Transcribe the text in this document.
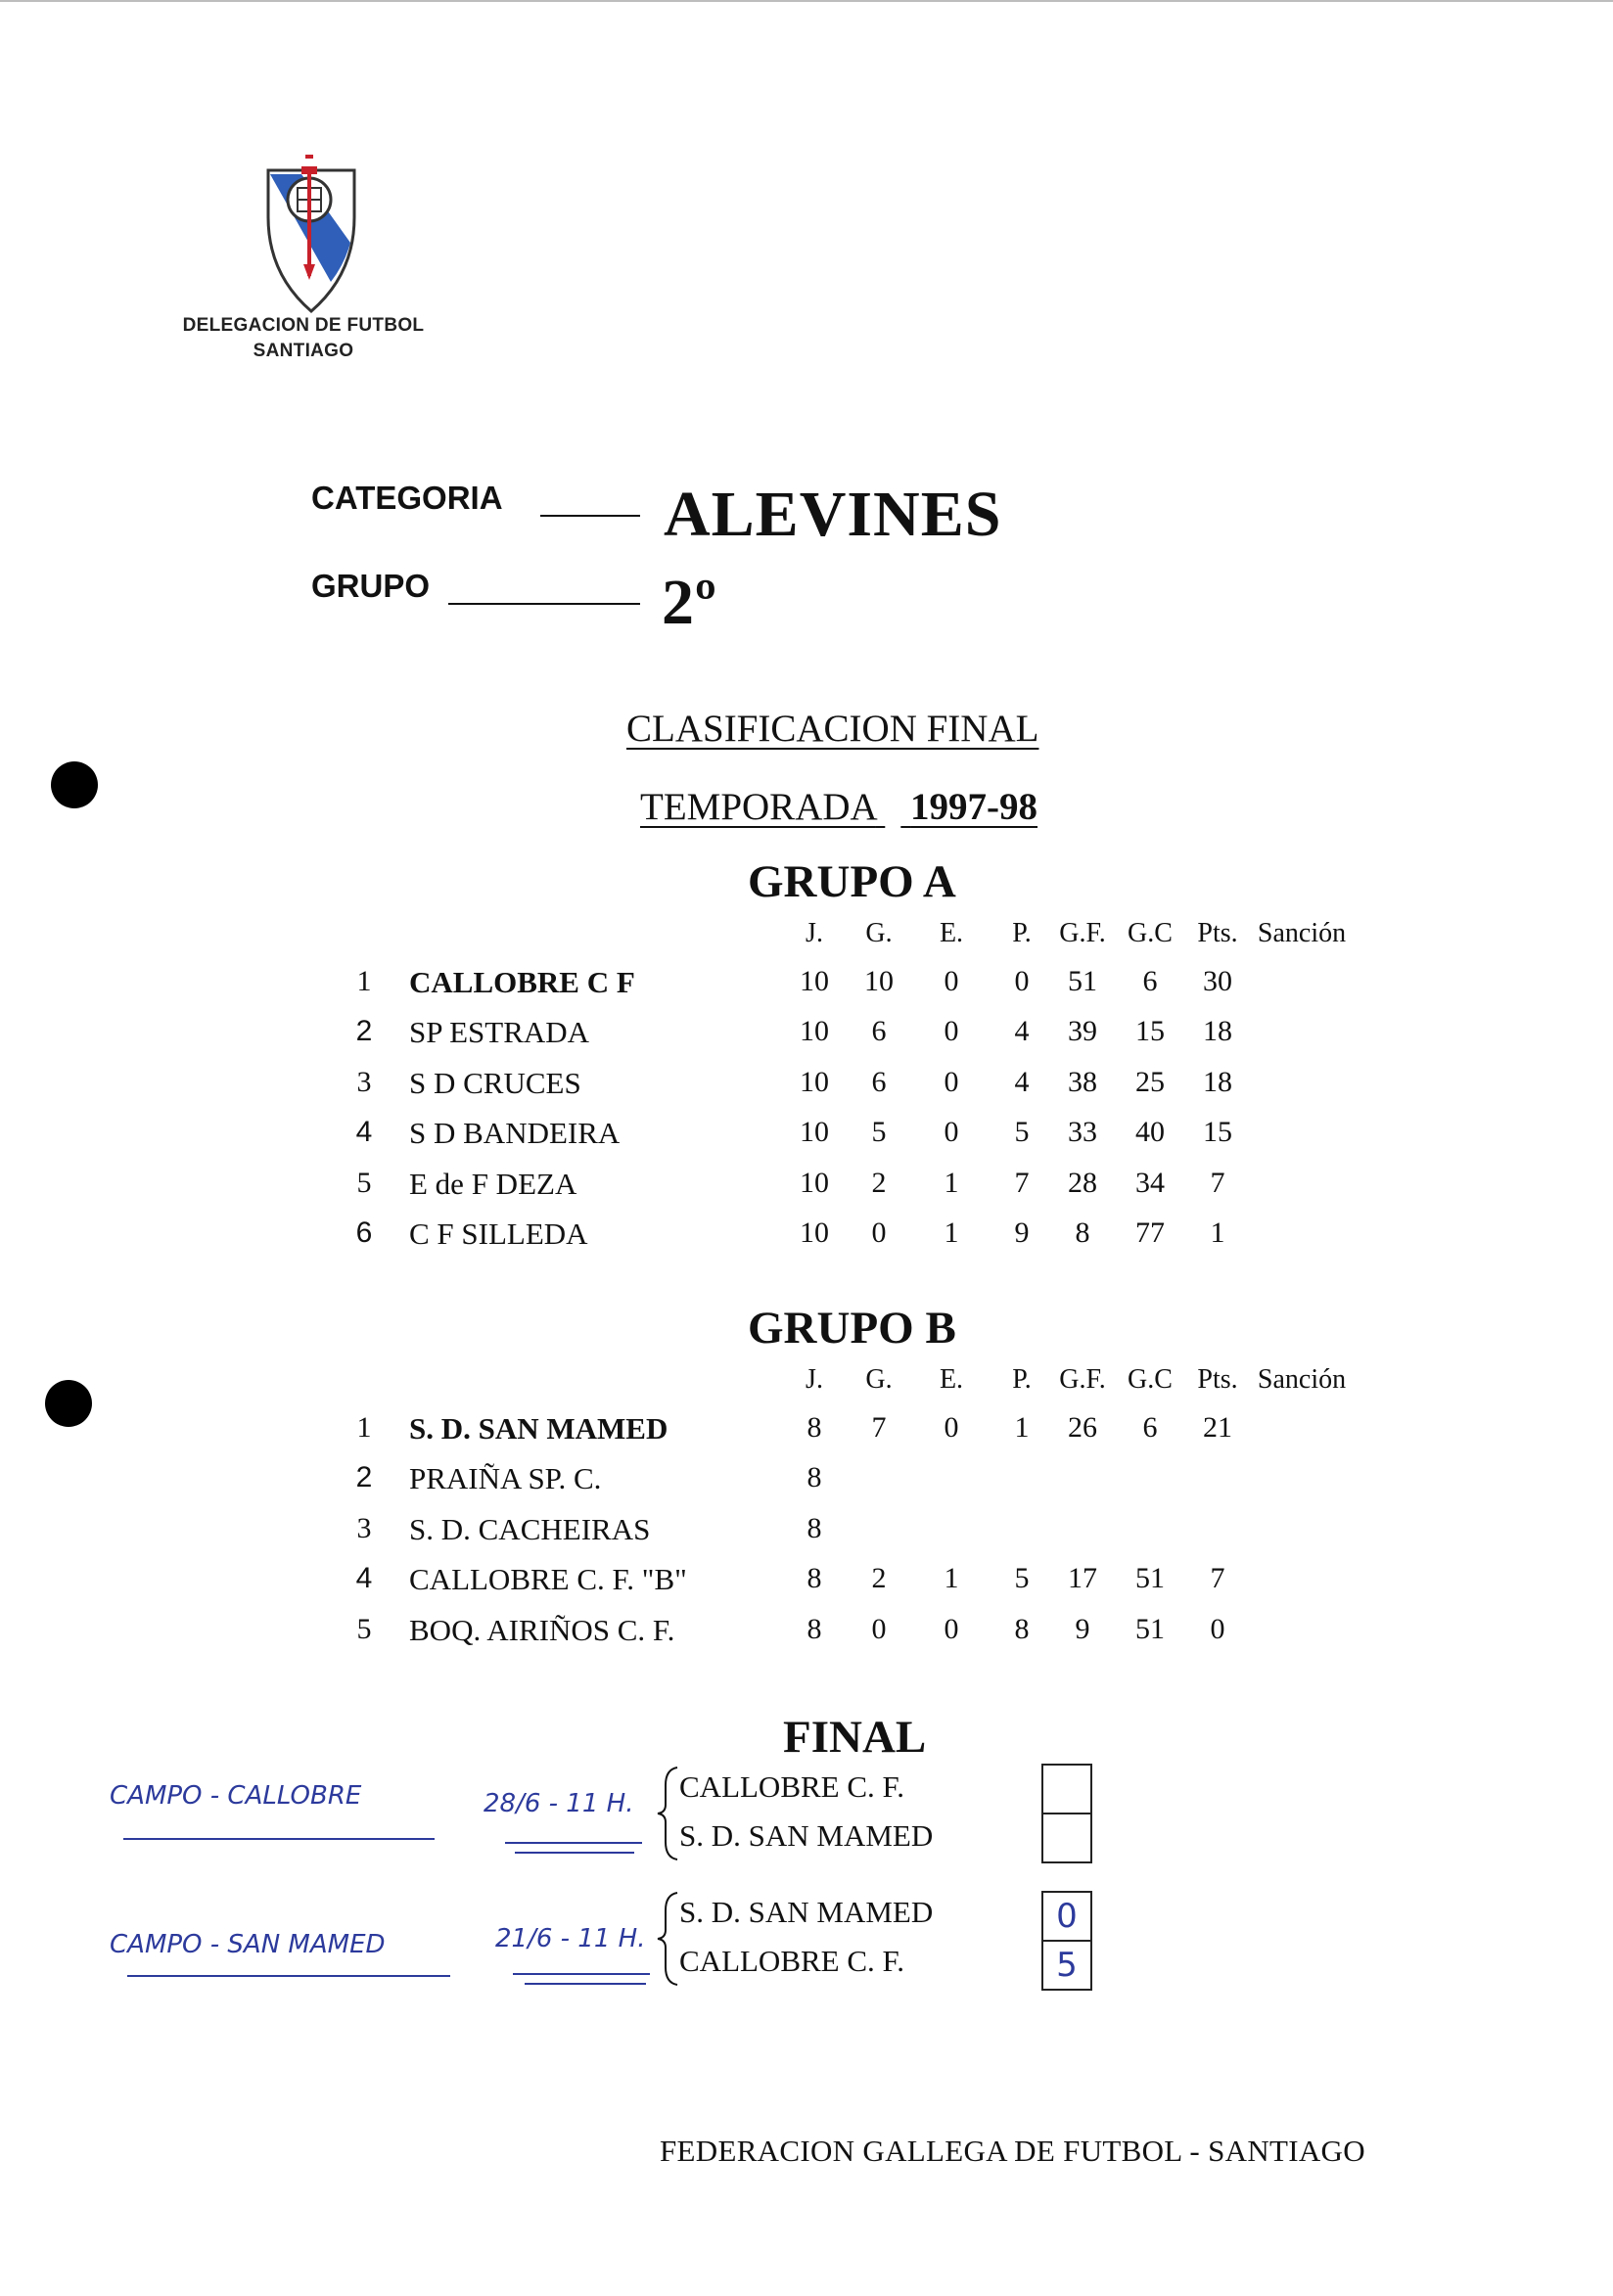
DELEGACION DE FUTBOL
SANTIAGO
CATEGORIA ALEVINES
GRUPO	2º
CLASIFICACION FINAL
TEMPORADA 1997-98
GRUPO A
J.	G.	E.	P.	G.F. G.C Pts. Sanción
1	CALLOBRE C F	10	10	0	0	51	6	30
2	SP ESTRADA	10	6	0	4	39	15	18
3	S D CRUCES	10	6	0	4	38	25	18
4	S D BANDEIRA	10	5	0	5	33	40	15
5	E de F DEZA	10	2	1	7	28	34	7
6	C F SILLEDA	10	0	1	9	8	77	1
GRUPO B
J.	G.	E.	P.	G.F. G.C Pts. Sanción
1	S. D. SAN MAMED	8	7	0	1	26	6	21
2	PRAIÑA SP. C.	8
3	S. D. CACHEIRAS	8
4	CALLOBRE C. F. "B"	8	2	1	5	17	51	7
5	BOQ. AIRIÑOS C. F.	8	0	0	8	9	51	0
FINAL
CAMPO - CALLOBRE	28/6 - 11 H. CALLOBRE C. F.
S. D. SAN MAMED
CAMPO - SAN MAMED	21/6 - 11 H.
S. D. SAN MAMED
CALLOBRE C. F.
0
5
FEDERACION GALLEGA DE FUTBOL - SANTIAGO
